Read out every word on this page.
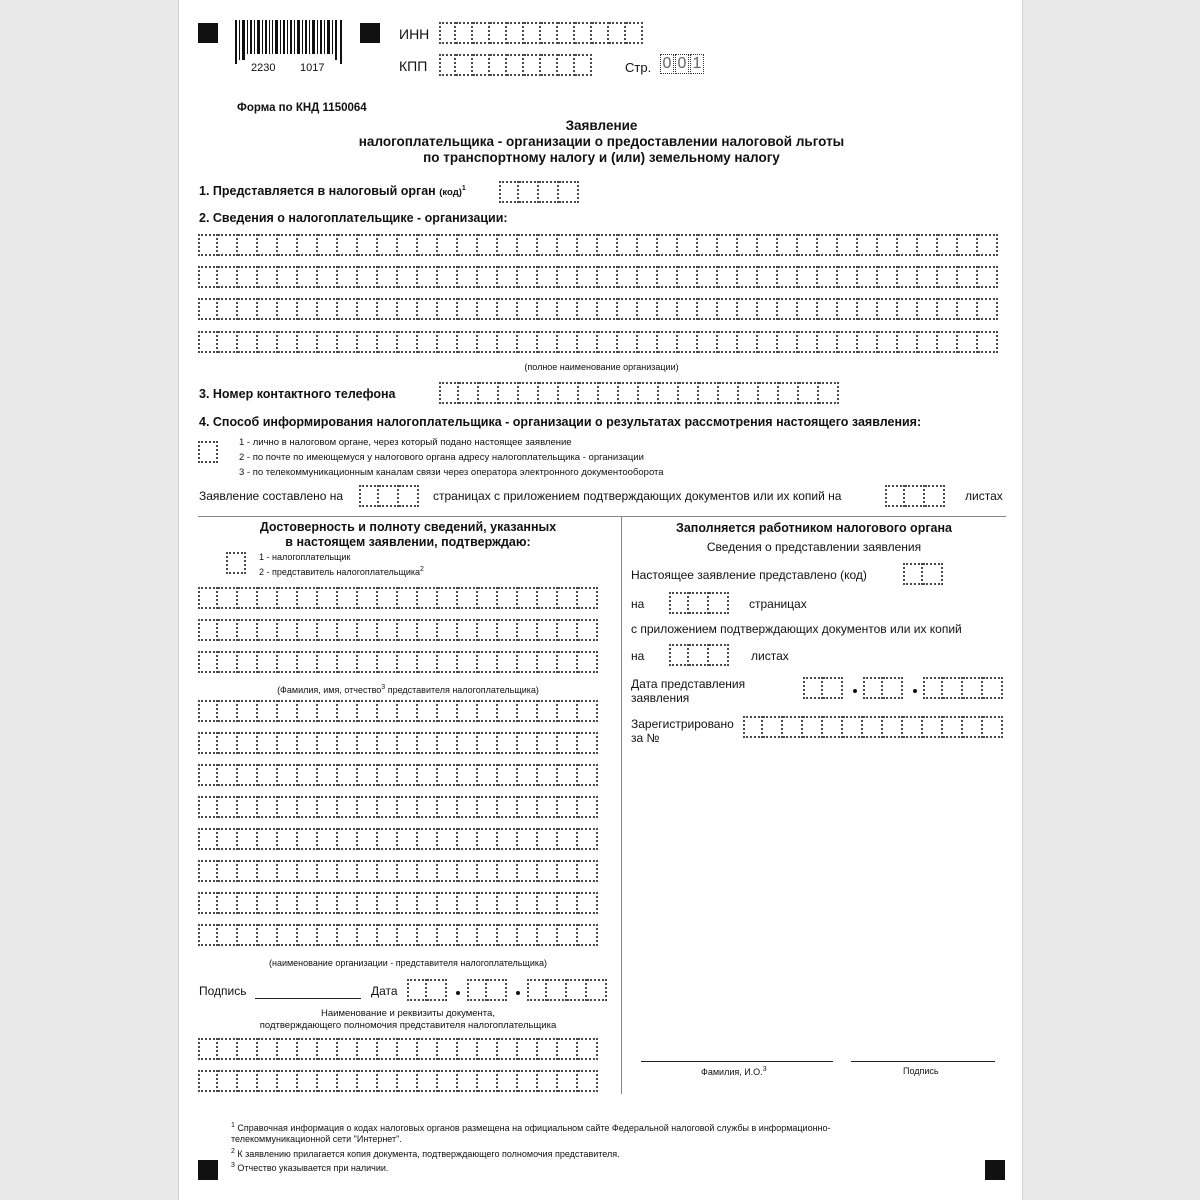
2230 1017
ИНН
КПП	Стр. 0 0 1
Форма по КНД 1150064
Заявление
налогоплательщика - организации о предоставлении налоговой льготы
по транспортному налогу и (или) земельному налогу
1. Представляется в налоговый орган (код)$^1$
2. Сведения о налогоплательщике - организации:
(полное наименование организации)
3. Номер контактного телефона
4. Способ информирования налогоплательщика - организации о результатах рассмотрения настоящего заявления:
1 - лично в налоговом органе, через который подано настоящее заявление
2 - по почте по имеющемуся у налогового органа адресу налогоплательщика - организации
3 - по телекоммуникационным каналам связи через оператора электронного документооборота
Заявление составлено на	страницах с приложением подтверждающих документов или их копий на	листах
Достоверность и полноту сведений, указанных
в настоящем заявлении, подтверждаю:
1 - налогоплательщик
2 - представитель налогоплательщика$^2$
(Фамилия, имя, отчество$^3$ представителя налогоплательщика)
(наименование организации - представителя налогоплательщика)
Подпись	Дата
Наименование и реквизиты документа,
подтверждающего полномочия представителя налогоплательщика
Заполняется работником налогового органа
Сведения о представлении заявления
Настоящее заявление представлено (код)
на	страницах
с приложением подтверждающих документов или их копий
на	листах
Дата представления
заявления
Зарегистрировано
за №
Фамилия, И.О.$^3$	Подпись
$^1$ Справочная информация о кодах налоговых органов размещена на официальном сайте Федеральной налоговой службы в информационно-
телекоммуникационной сети "Интернет".
$^2$ К заявлению прилагается копия документа, подтверждающего полномочия представителя.
$^3$ Отчество указывается при наличии.
